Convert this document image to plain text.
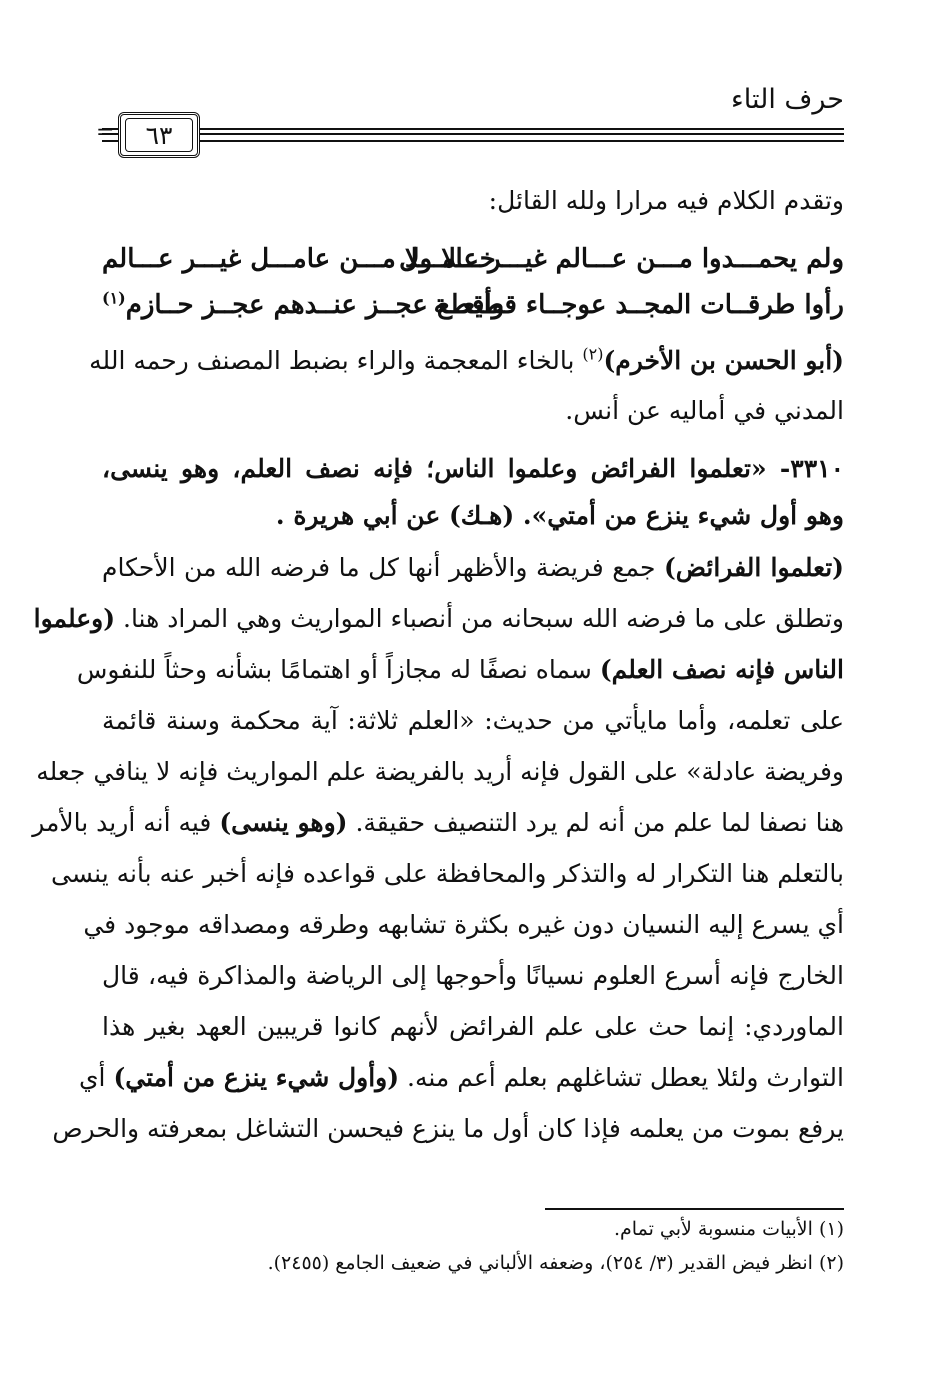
حرف التاء
=	٦٣
وتقدم الكلام فيه مرارا ولله القائل:
ولم يحمـــدوا مـــن عـــالم غيـــر عامـــل
خـــلا ولا مـــن عامـــل غيـــر عـــالم
رأوا طرقــات المجــد عوجــاء قطيعــة
وأقطع عجــز عنــدهم عجــز حــازم$^{(١)}$
(أبو الحسن بن الأخرم)$^{(٢)}$ بالخاء المعجمة والراء بضبط المصنف رحمه الله
المدني في أماليه عن أنس.
٣٣١٠- «تعلموا الفرائض وعلموا الناس؛ فإنه نصف العلم، وهو ينسى،
وهو أول شيء ينزع من أمتي». (هـك) عن أبي هريرة .
(تعلموا الفرائض) جمع فريضة والأظهر أنها كل ما فرضه الله من الأحكام
وتطلق على ما فرضه الله سبحانه من أنصباء المواريث وهي المراد هنا. (وعلموا
الناس فإنه نصف العلم) سماه نصفًا له مجازاً أو اهتمامًا بشأنه وحثاً للنفوس
على تعلمه، وأما مايأتي من حديث: «العلم ثلاثة: آية محكمة وسنة قائمة
وفريضة عادلة» على القول فإنه أريد بالفريضة علم المواريث فإنه لا ينافي جعله
هنا نصفا لما علم من أنه لم يرد التنصيف حقيقة. (وهو ينسى) فيه أنه أريد بالأمر
بالتعلم هنا التكرار له والتذكر والمحافظة على قواعده فإنه أخبر عنه بأنه ينسى
أي يسرع إليه النسيان دون غيره بكثرة تشابهه وطرقه ومصداقه موجود في
الخارج فإنه أسرع العلوم نسيانًا وأحوجها إلى الرياضة والمذاكرة فيه، قال
الماوردي: إنما حث على علم الفرائض لأنهم كانوا قريبين العهد بغير هذا
التوارث ولئلا يعطل تشاغلهم بعلم أعم منه. (وأول شيء ينزع من أمتي) أي
يرفع بموت من يعلمه فإذا كان أول ما ينزع فيحسن التشاغل بمعرفته والحرص
(١) الأبيات منسوبة لأبي تمام.
(٢) انظر فيض القدير (٣/ ٢٥٤)، وضعفه الألباني في ضعيف الجامع (٢٤٥٥).
